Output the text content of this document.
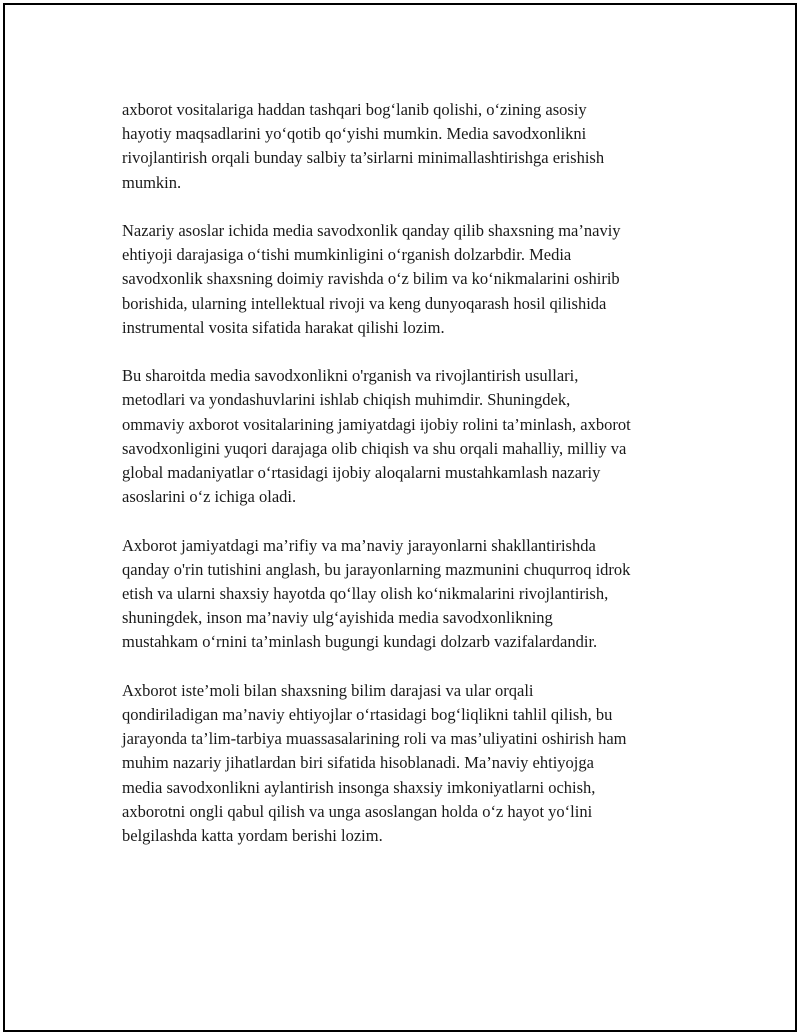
axborot vositalariga haddan tashqari bog‘lanib qolishi, o‘zining asosiy
hayotiy maqsadlarini yo‘qotib qo‘yishi mumkin. Media savodxonlikni
rivojlantirish orqali bunday salbiy ta’sirlarni minimallashtirishga erishish
mumkin.

Nazariy asoslar ichida media savodxonlik qanday qilib shaxsning ma’naviy
ehtiyoji darajasiga o‘tishi mumkinligini o‘rganish dolzarbdir. Media
savodxonlik shaxsning doimiy ravishda o‘z bilim va ko‘nikmalarini oshirib
borishida, ularning intellektual rivoji va keng dunyoqarash hosil qilishida
instrumental vosita sifatida harakat qilishi lozim.

Bu sharoitda media savodxonlikni o'rganish va rivojlantirish usullari,
metodlari va yondashuvlarini ishlab chiqish muhimdir. Shuningdek,
ommaviy axborot vositalarining jamiyatdagi ijobiy rolini ta’minlash, axborot
savodxonligini yuqori darajaga olib chiqish va shu orqali mahalliy, milliy va
global madaniyatlar o‘rtasidagi ijobiy aloqalarni mustahkamlash nazariy
asoslarini o‘z ichiga oladi.

Axborot jamiyatdagi ma’rifiy va ma’naviy jarayonlarni shakllantirishda
qanday o'rin tutishini anglash, bu jarayonlarning mazmunini chuqurroq idrok
etish va ularni shaxsiy hayotda qo‘llay olish ko‘nikmalarini rivojlantirish,
shuningdek, inson ma’naviy ulg‘ayishida media savodxonlikning
mustahkam o‘rnini ta’minlash bugungi kundagi dolzarb vazifalardandir.

Axborot iste’moli bilan shaxsning bilim darajasi va ular orqali
qondiriladigan ma’naviy ehtiyojlar o‘rtasidagi bog‘liqlikni tahlil qilish, bu
jarayonda ta’lim-tarbiya muassasalarining roli va mas’uliyatini oshirish ham
muhim nazariy jihatlardan biri sifatida hisoblanadi. Ma’naviy ehtiyojga
media savodxonlikni aylantirish insonga shaxsiy imkoniyatlarni ochish,
axborotni ongli qabul qilish va unga asoslangan holda o‘z hayot yo‘lini
belgilashda katta yordam berishi lozim.
